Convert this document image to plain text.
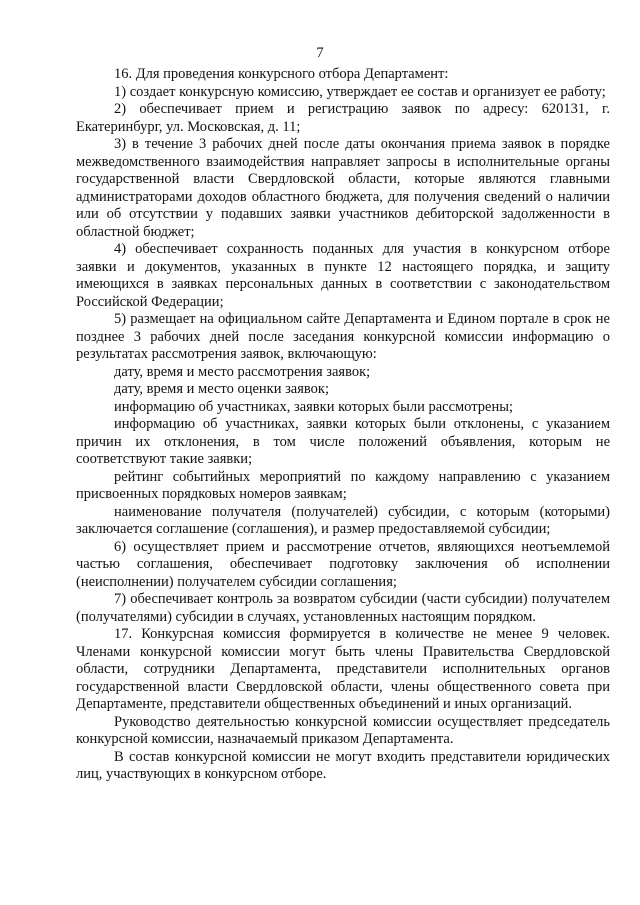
7

16. Для проведения конкурсного отбора Департамент:

1) создает конкурсную комиссию, утверждает ее состав и организует ее работу;

2) обеспечивает прием и регистрацию заявок по адресу: 620131, г. Екатеринбург, ул. Московская, д. 11;

3) в течение 3 рабочих дней после даты окончания приема заявок в порядке межведомственного взаимодействия направляет запросы в исполнительные органы государственной власти Свердловской области, которые являются главными администраторами доходов областного бюджета, для получения сведений о наличии или об отсутствии у подавших заявки участников дебиторской задолженности в областной бюджет;

4) обеспечивает сохранность поданных для участия в конкурсном отборе заявки и документов, указанных в пункте 12 настоящего порядка, и защиту имеющихся в заявках персональных данных в соответствии с законодательством Российской Федерации;

5) размещает на официальном сайте Департамента и Едином портале в срок не позднее 3 рабочих дней после заседания конкурсной комиссии информацию о результатах рассмотрения заявок, включающую:

дату, время и место рассмотрения заявок;

дату, время и место оценки заявок;

информацию об участниках, заявки которых были рассмотрены;

информацию об участниках, заявки которых были отклонены, с указанием причин их отклонения, в том числе положений объявления, которым не соответствуют такие заявки;

рейтинг событийных мероприятий по каждому направлению с указанием присвоенных порядковых номеров заявкам;

наименование получателя (получателей) субсидии, с которым (которыми) заключается соглашение (соглашения), и размер предоставляемой субсидии;

6) осуществляет прием и рассмотрение отчетов, являющихся неотъемлемой частью соглашения, обеспечивает подготовку заключения об исполнении (неисполнении) получателем субсидии соглашения;

7) обеспечивает контроль за возвратом субсидии (части субсидии) получателем (получателями) субсидии в случаях, установленных настоящим порядком.

17. Конкурсная комиссия формируется в количестве не менее 9 человек. Членами конкурсной комиссии могут быть члены Правительства Свердловской области, сотрудники Департамента, представители исполнительных органов государственной власти Свердловской области, члены общественного совета при Департаменте, представители общественных объединений и иных организаций.

Руководство деятельностью конкурсной комиссии осуществляет председатель конкурсной комиссии, назначаемый приказом Департамента.

В состав конкурсной комиссии не могут входить представители юридических лиц, участвующих в конкурсном отборе.
